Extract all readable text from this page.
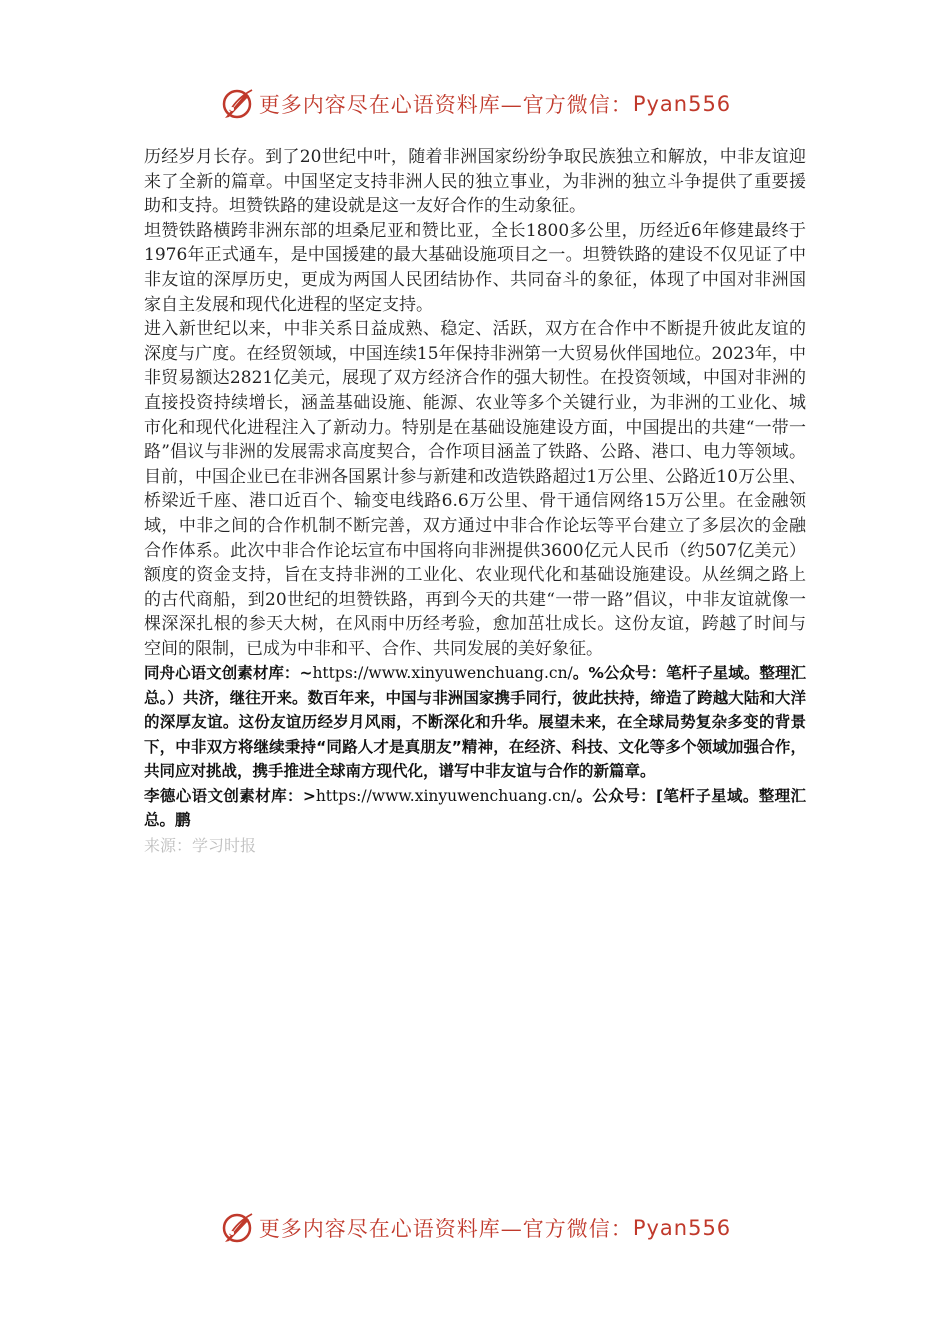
更多内容尽在心语资料库—官方微信： Pyan556

历经岁月长存。到了20世纪中叶，随着非洲国家纷纷争取民族独立和解放，中非友谊迎来了全新的篇章。中国坚定支持非洲人民的独立事业，为非洲的独立斗争提供了重要援助和支持。坦赞铁路的建设就是这一友好合作的生动象征。

坦赞铁路横跨非洲东部的坦桑尼亚和赞比亚，全长1800多公里，历经近6年修建最终于1976年正式通车，是中国援建的最大基础设施项目之一。坦赞铁路的建设不仅见证了中非友谊的深厚历史，更成为两国人民团结协作、共同奋斗的象征，体现了中国对非洲国家自主发展和现代化进程的坚定支持。

进入新世纪以来，中非关系日益成熟、稳定、活跃，双方在合作中不断提升彼此友谊的深度与广度。在经贸领域，中国连续15年保持非洲第一大贸易伙伴国地位。2023年，中非贸易额达2821亿美元，展现了双方经济合作的强大韧性。在投资领域，中国对非洲的直接投资持续增长，涵盖基础设施、能源、农业等多个关键行业，为非洲的工业化、城市化和现代化进程注入了新动力。特别是在基础设施建设方面，中国提出的共建“一带一路”倡议与非洲的发展需求高度契合，合作项目涵盖了铁路、公路、港口、电力等领域。目前，中国企业已在非洲各国累计参与新建和改造铁路超过1万公里、公路近10万公里、桥梁近千座、港口近百个、输变电线路6.6万公里、骨干通信网络15万公里。在金融领域，中非之间的合作机制不断完善，双方通过中非合作论坛等平台建立了多层次的金融合作体系。此次中非合作论坛宣布中国将向非洲提供3600亿元人民币（约507亿美元）额度的资金支持，旨在支持非洲的工业化、农业现代化和基础设施建设。从丝绸之路上的古代商船，到20世纪的坦赞铁路，再到今天的共建“一带一路”倡议，中非友谊就像一棵深深扎根的参天大树，在风雨中历经考验，愈加茁壮成长。这份友谊，跨越了时间与空间的限制，已成为中非和平、合作、共同发展的美好象征。

同舟心语文创素材库：~https://www.xinyuwenchuang.cn/。%公众号：笔杆子星域。整理汇总。）共济，继往开来。数百年来，中国与非洲国家携手同行，彼此扶持，缔造了跨越大陆和大洋的深厚友谊。这份友谊历经岁月风雨，不断深化和升华。展望未来，在全球局势复杂多变的背景下，中非双方将继续秉持“同路人才是真朋友”精神，在经济、科技、文化等多个领域加强合作，共同应对挑战，携手推进全球南方现代化，谱写中非友谊与合作的新篇章。

李德心语文创素材库：>https://www.xinyuwenchuang.cn/。公众号：[笔杆子星域。整理汇总。鹏

来源：学习时报

更多内容尽在心语资料库—官方微信： Pyan556
